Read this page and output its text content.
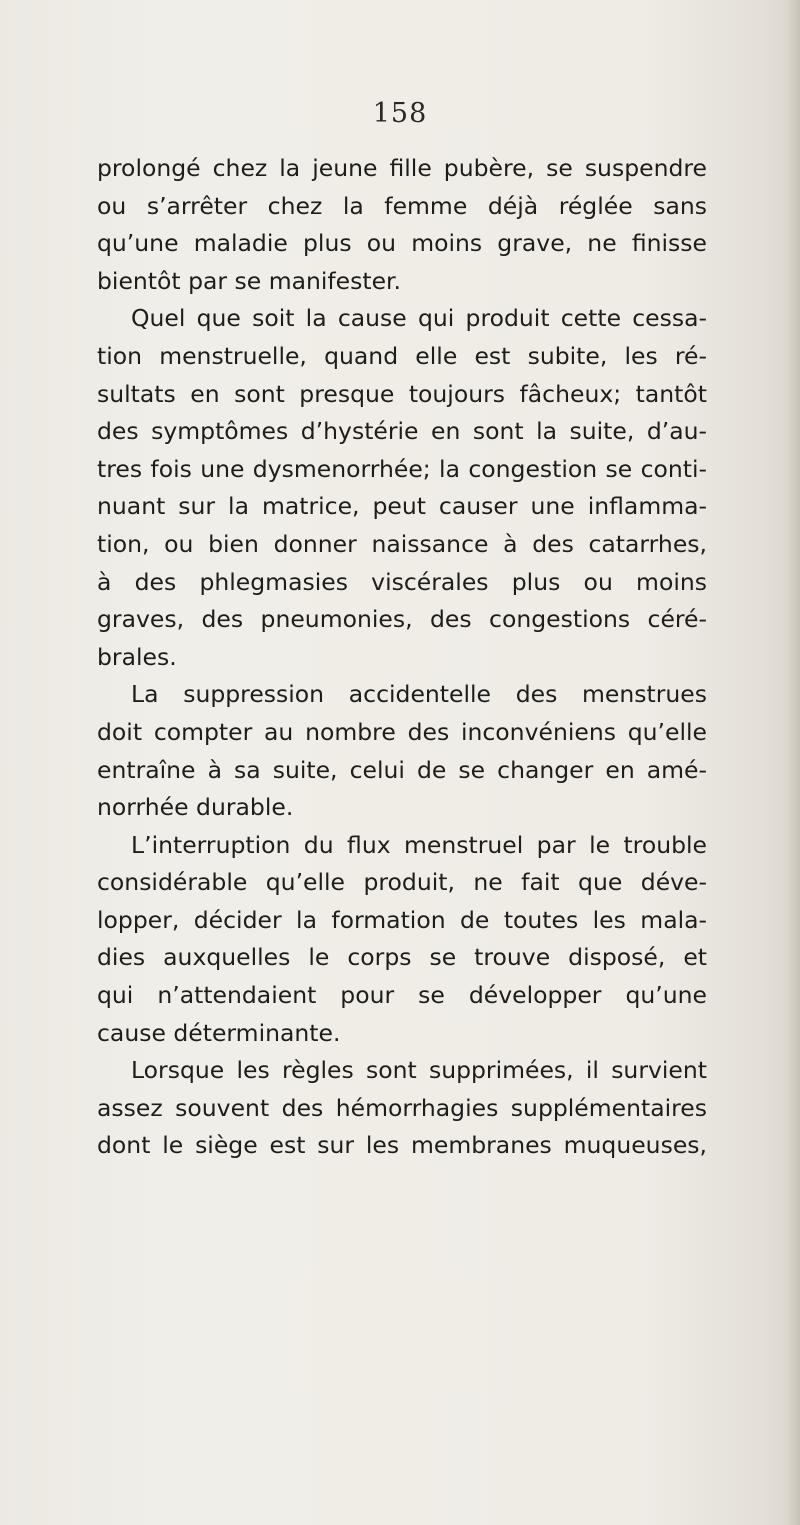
158
prolongé chez la jeune fille pubère, se suspendre
ou s’arrêter chez la femme déjà réglée sans
qu’une maladie plus ou moins grave, ne finisse
bientôt par se manifester.
Quel que soit la cause qui produit cette cessa-
tion menstruelle, quand elle est subite, les ré-
sultats en sont presque toujours fâcheux; tantôt
des symptômes d’hystérie en sont la suite, d’au-
tres fois une dysmenorrhée; la congestion se conti-
nuant sur la matrice, peut causer une inflamma-
tion, ou bien donner naissance à des catarrhes,
à des phlegmasies viscérales plus ou moins
graves, des pneumonies, des congestions céré-
brales.
La suppression accidentelle des menstrues
doit compter au nombre des inconvéniens qu’elle
entraîne à sa suite, celui de se changer en amé-
norrhée durable.
L’interruption du flux menstruel par le trouble
considérable qu’elle produit, ne fait que déve-
lopper, décider la formation de toutes les mala-
dies auxquelles le corps se trouve disposé, et
qui n’attendaient pour se développer qu’une
cause déterminante.
Lorsque les règles sont supprimées, il survient
assez souvent des hémorrhagies supplémentaires
dont le siège est sur les membranes muqueuses,
